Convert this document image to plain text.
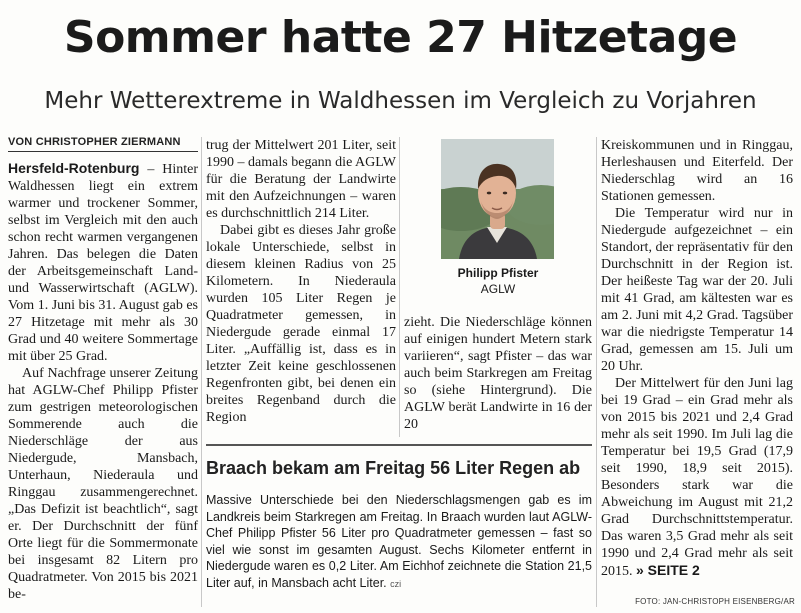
Sommer hatte 27 Hitzetage
Mehr Wetterextreme in Waldhessen im Vergleich zu Vorjahren
VON CHRISTOPHER ZIERMANN

Hersfeld-Rotenburg – Hinter Waldhessen liegt ein extrem warmer und trockener Sommer, selbst im Vergleich mit den auch schon recht warmen vergangenen Jahren. Das belegen die Daten der Arbeitsgemeinschaft Land- und Wasserwirtschaft (AGLW). Vom 1. Juni bis 31. August gab es 27 Hitzetage mit mehr als 30 Grad und 40 weitere Sommertage mit über 25 Grad.

Auf Nachfrage unserer Zeitung hat AGLW-Chef Philipp Pfister zum gestrigen meteorologischen Sommerende auch die Niederschläge der aus Niedergude, Mansbach, Unterhaun, Niederaula und Ringgau zusammengerechnet. „Das Defizit ist beachtlich“, sagt er. Der Durchschnitt der fünf Orte liegt für die Sommermonate bei insgesamt 82 Litern pro Quadratmeter. Von 2015 bis 2021 be-

trug der Mittelwert 201 Liter, seit 1990 – damals begann die AGLW für die Beratung der Landwirte mit den Aufzeichnungen – waren es durchschnittlich 214 Liter.

Dabei gibt es dieses Jahr große lokale Unterschiede, selbst in diesem kleinen Radius von 25 Kilometern. In Niederaula wurden 105 Liter Regen je Quadratmeter gemessen, in Niedergude gerade einmal 17 Liter. „Auffällig ist, dass es in letzter Zeit keine geschlossenen Regenfronten gibt, bei denen ein breites Regenband durch die Region

Philipp Pfister
AGLW

zieht. Die Niederschläge können auf einigen hundert Metern stark variieren“, sagt Pfister – das war auch beim Starkregen am Freitag so (siehe Hintergrund). Die AGLW berät Landwirte in 16 der 20

Kreiskommunen und in Ringgau, Herleshausen und Eiterfeld. Der Niederschlag wird an 16 Stationen gemessen.

Die Temperatur wird nur in Niedergude aufgezeichnet – ein Standort, der repräsentativ für den Durchschnitt in der Region ist. Der heißeste Tag war der 20. Juli mit 41 Grad, am kältesten war es am 2. Juni mit 4,2 Grad. Tagsüber war die niedrigste Temperatur 14 Grad, gemessen am 15. Juli um 20 Uhr.

Der Mittelwert für den Juni lag bei 19 Grad – ein Grad mehr als von 2015 bis 2021 und 2,4 Grad mehr als seit 1990. Im Juli lag die Temperatur bei 19,5 Grad (17,9 seit 1990, 18,9 seit 2015). Besonders stark war die Abweichung im August mit 21,2 Grad Durchschnittstemperatur. Das waren 3,5 Grad mehr als seit 1990 und 2,4 Grad mehr als seit 2015. » SEITE 2

Braach bekam am Freitag 56 Liter Regen ab
Massive Unterschiede bei den Niederschlagsmengen gab es im Landkreis beim Starkregen am Freitag. In Braach wurden laut AGLW-Chef Philipp Pfister 56 Liter pro Quadratmeter gemessen – fast so viel wie sonst im gesamten August. Sechs Kilometer entfernt in Niedergude waren es 0,2 Liter. Am Eichhof zeichnete die Station 21,5 Liter auf, in Mansbach acht Liter. czi
FOTO: JAN-CHRISTOPH EISENBERG/AR
